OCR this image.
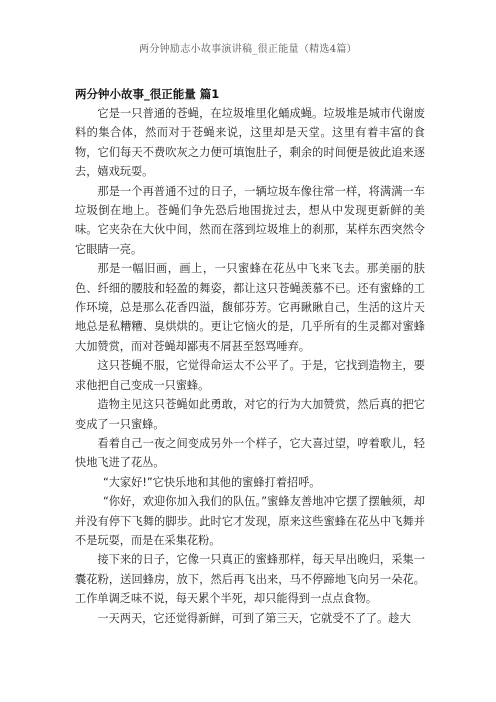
两分钟励志小故事演讲稿_很正能量（精选4篇）
两分钟小故事_很正能量 篇1

它是一只普通的苍蝇，在垃圾堆里化蛹成蝇。垃圾堆是城市代谢废料的集合体，然而对于苍蝇来说，这里却是天堂。这里有着丰富的食物，它们每天不费吹灰之力便可填饱肚子，剩余的时间便是彼此追来逐去，嬉戏玩耍。

那是一个再普通不过的日子，一辆垃圾车像往常一样，将满满一车垃圾倒在地上。苍蝇们争先恐后地围拢过去，想从中发现更新鲜的美味。它夹杂在大伙中间，然而在落到垃圾堆上的刹那，某样东西突然令它眼睛一亮。

那是一幅旧画，画上，一只蜜蜂在花丛中飞来飞去。那美丽的肤色、纤细的腰肢和轻盈的舞姿，都让这只苍蝇羡慕不已。还有蜜蜂的工作环境，总是那么花香四溢，馥郁芬芳。它再瞅瞅自己，生活的这片天地总是私糟糟、臭烘烘的。更让它恼火的是，几乎所有的生灵都对蜜蜂大加赞赏，而对苍蝇却鄙夷不屑甚至怒骂唾弃。

这只苍蝇不服，它觉得命运太不公平了。于是，它找到造物主，要求他把自己变成一只蜜蜂。

造物主见这只苍蝇如此勇敢，对它的行为大加赞赏，然后真的把它变成了一只蜜蜂。

看着自己一夜之间变成另外一个样子，它大喜过望，哼着歌儿，轻快地飞进了花丛。

“大家好!”它快乐地和其他的蜜蜂打着招呼。

“你好，欢迎你加入我们的队伍。”蜜蜂友善地冲它摆了摆触须，却并没有停下飞舞的脚步。此时它才发现，原来这些蜜蜂在花丛中飞舞并不是玩耍，而是在采集花粉。

接下来的日子，它像一只真正的蜜蜂那样，每天早出晚归，采集一囊花粉，送回蜂房，放下，然后再飞出来，马不停蹄地飞向另一朵花。工作单调乏味不说，每天累个半死，却只能得到一点点食物。

一天两天，它还觉得新鲜，可到了第三天，它就受不了了。趁大
